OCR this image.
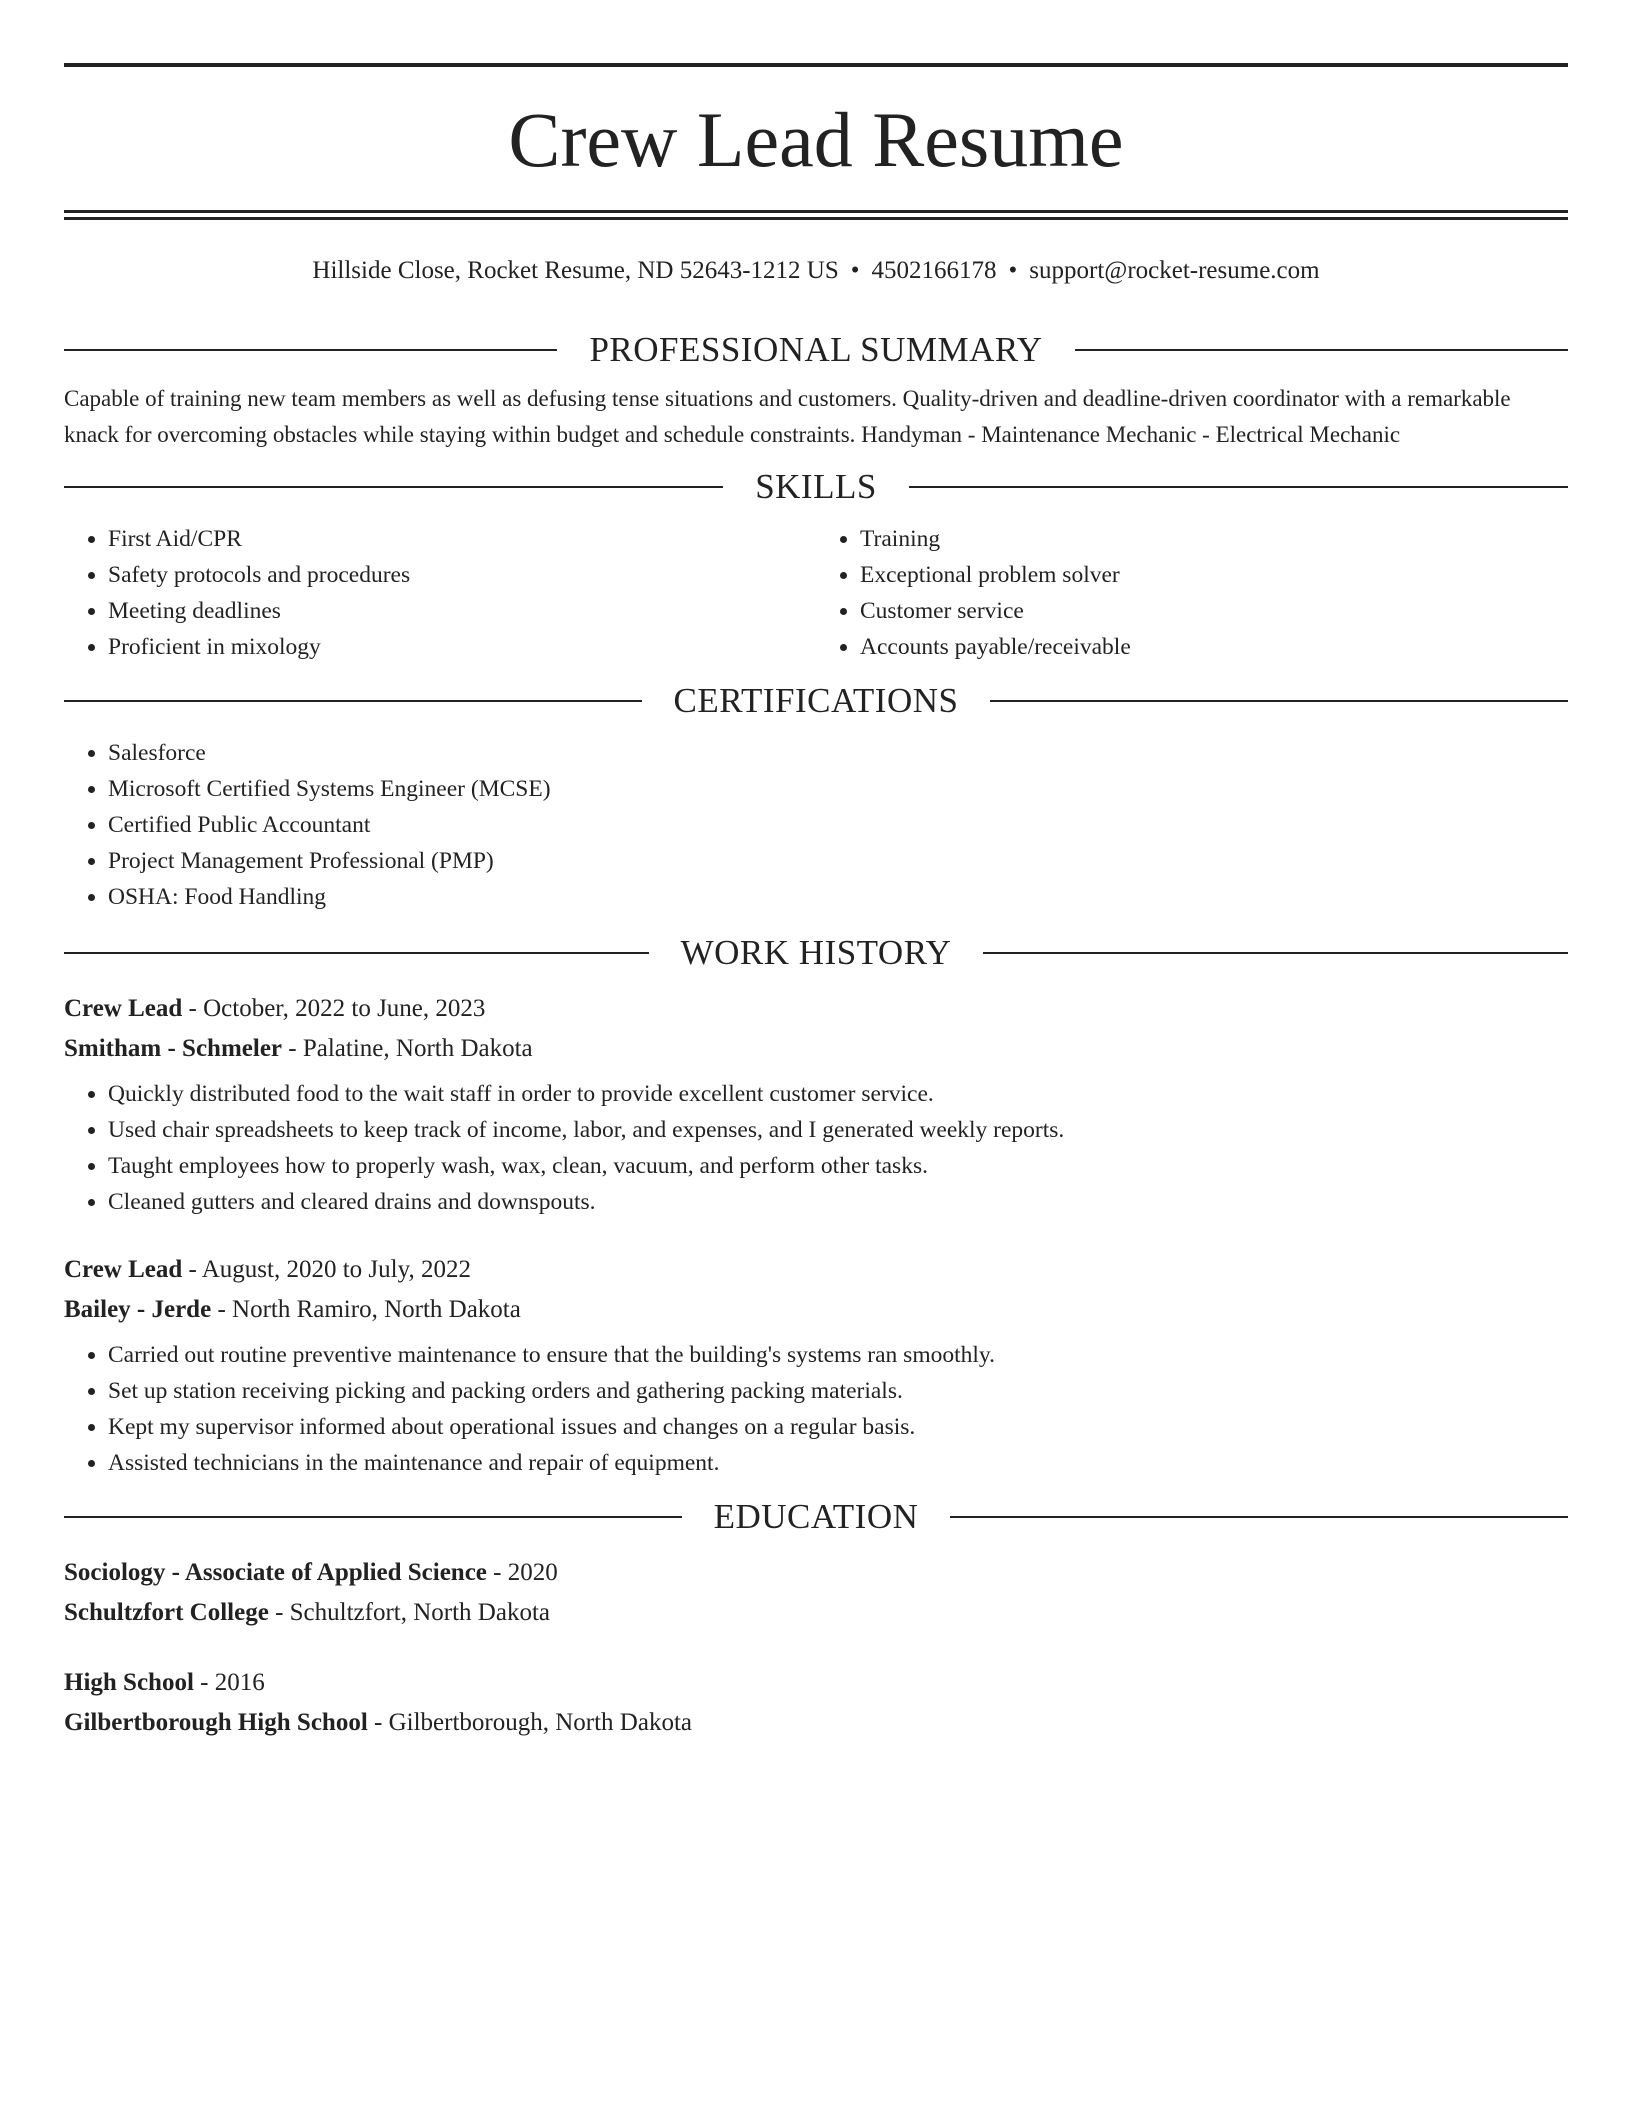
Crew Lead Resume
Hillside Close, Rocket Resume, ND 52643-1212 US • 4502166178 • support@rocket-resume.com
PROFESSIONAL SUMMARY

Capable of training new team members as well as defusing tense situations and customers. Quality-driven and deadline-driven coordinator with a remarkable knack for overcoming obstacles while staying within budget and schedule constraints. Handyman - Maintenance Mechanic - Electrical Mechanic

SKILLS
• First Aid/CPR
• Safety protocols and procedures
• Meeting deadlines
• Proficient in mixology
• Training
• Exceptional problem solver
• Customer service
• Accounts payable/receivable
CERTIFICATIONS
• Salesforce
• Microsoft Certified Systems Engineer (MCSE)
• Certified Public Accountant
• Project Management Professional (PMP)
• OSHA: Food Handling
WORK HISTORY
Crew Lead - October, 2022 to June, 2023
Smitham - Schmeler - Palatine, North Dakota
• Quickly distributed food to the wait staff in order to provide excellent customer service.
• Used chair spreadsheets to keep track of income, labor, and expenses, and I generated weekly reports.
• Taught employees how to properly wash, wax, clean, vacuum, and perform other tasks.
• Cleaned gutters and cleared drains and downspouts.
Crew Lead - August, 2020 to July, 2022
Bailey - Jerde - North Ramiro, North Dakota
• Carried out routine preventive maintenance to ensure that the building's systems ran smoothly.
• Set up station receiving picking and packing orders and gathering packing materials.
• Kept my supervisor informed about operational issues and changes on a regular basis.
• Assisted technicians in the maintenance and repair of equipment.
EDUCATION
Sociology - Associate of Applied Science - 2020
Schultzfort College - Schultzfort, North Dakota
High School - 2016
Gilbertborough High School - Gilbertborough, North Dakota
